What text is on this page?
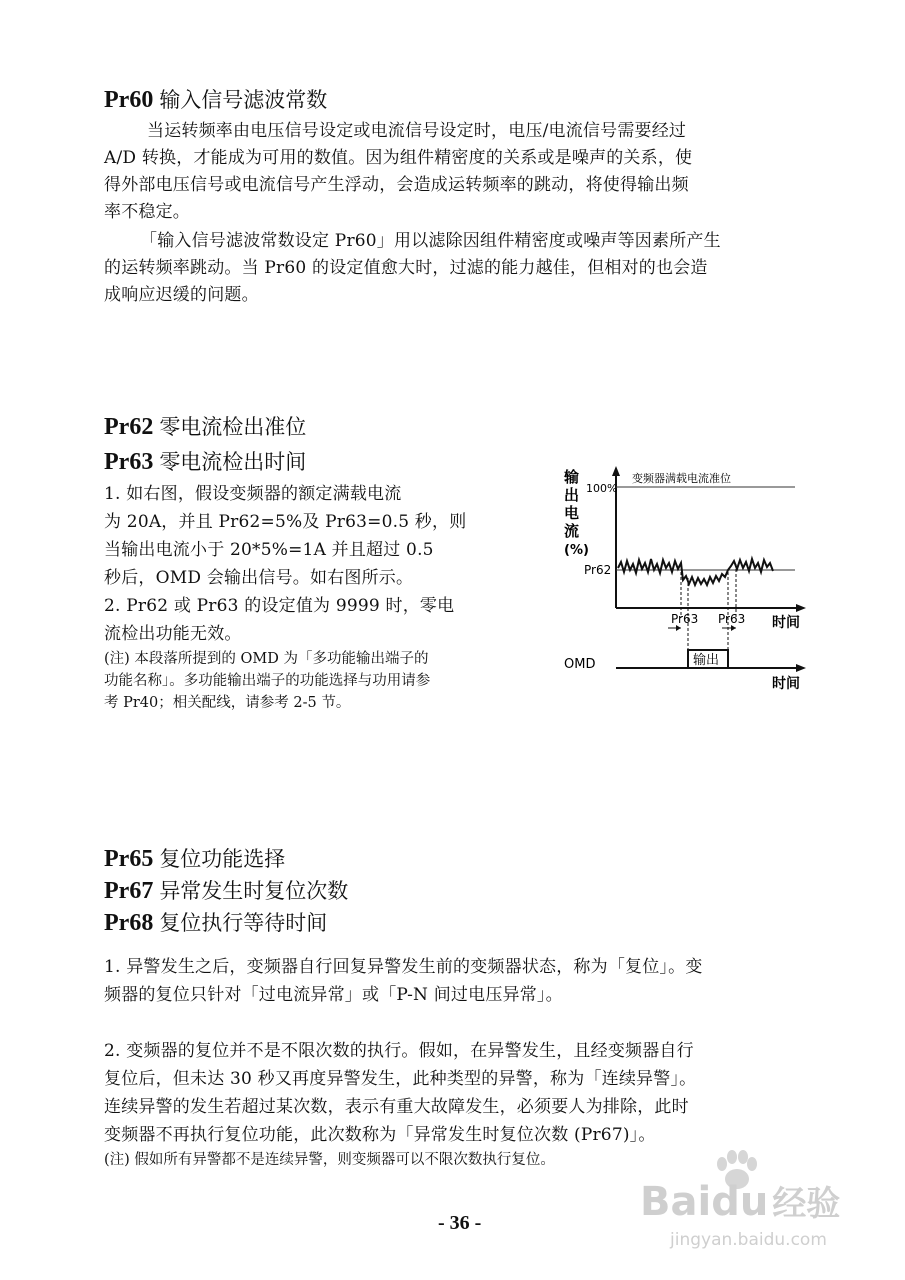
Pr60 输入信号滤波常数
当运转频率由电压信号设定或电流信号设定时，电压/电流信号需要经过
A/D 转换，才能成为可用的数值。因为组件精密度的关系或是噪声的关系，使
得外部电压信号或电流信号产生浮动，会造成运转频率的跳动，将使得输出频
率不稳定。
「输入信号滤波常数设定 Pr60」用以滤除因组件精密度或噪声等因素所产生
的运转频率跳动。当 Pr60 的设定值愈大时，过滤的能力越佳，但相对的也会造
成响应迟缓的问题。
Pr62 零电流检出准位
Pr63 零电流检出时间
1. 如右图，假设变频器的额定满载电流
为 20A，并且 Pr62=5%及 Pr63=0.5 秒，则
当输出电流小于 20*5%=1A 并且超过 0.5
秒后，OMD 会输出信号。如右图所示。
2. Pr62 或 Pr63 的设定值为 9999 时，零电
流检出功能无效。
(注) 本段落所提到的 OMD 为「多功能输出端子的
功能名称」。多功能输出端子的功能选择与功用请参
考 Pr40；相关配线，请参考 2-5 节。
输
出
电
流
(%)
100%
Pr62
变频器满载电流准位
Pr63 Pr63 时间
OMD	输出
时间
Pr65 复位功能选择
Pr67 异常发生时复位次数
Pr68 复位执行等待时间
1. 异警发生之后，变频器自行回复异警发生前的变频器状态，称为「复位」。变
频器的复位只针对「过电流异常」或「P-N 间过电压异常」。
2. 变频器的复位并不是不限次数的执行。假如，在异警发生，且经变频器自行
复位后，但未达 30 秒又再度异警发生，此种类型的异警，称为「连续异警」。
连续异警的发生若超过某次数，表示有重大故障发生，必须要人为排除，此时
变频器不再执行复位功能，此次数称为「异常发生时复位次数 (Pr67)」。
(注) 假如所有异警都不是连续异警，则变频器可以不限次数执行复位。
- 36 -	Baidu 经验
jingyan.baidu.com
